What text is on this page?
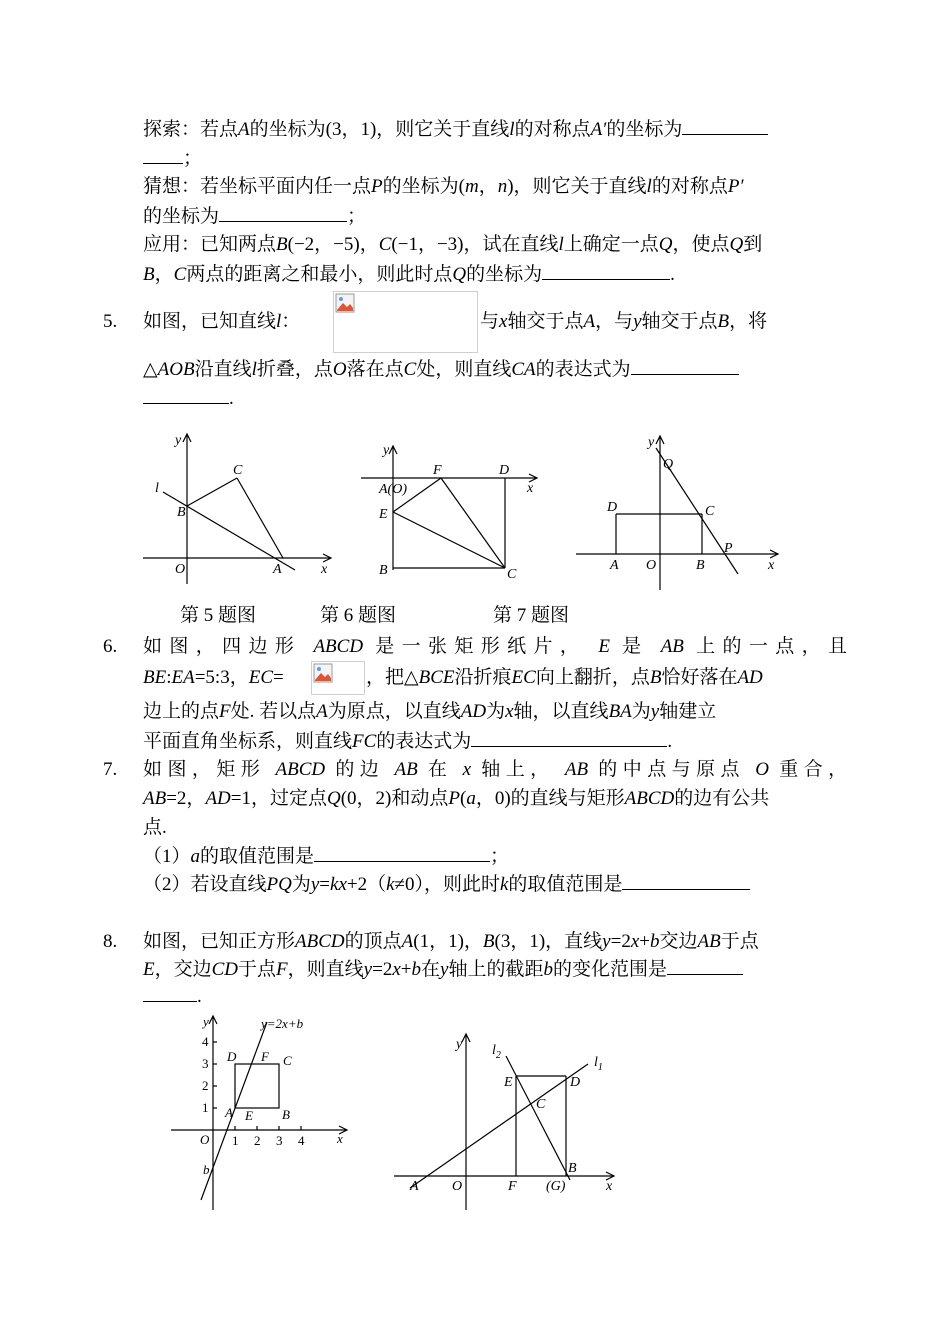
探索：若点A的坐标为(3，1)，则它关于直线l的对称点A′的坐标为
；
猜想：若坐标平面内任一点P的坐标为(m，n)，则它关于直线l的对称点P′
的坐标为	；
应用：已知两点B(−2，−5)，C(−1，−3)，试在直线l上确定一点Q，使点Q到
B，C两点的距离之和最小，则此时点Q的坐标为	.
5. 如图，已知直线l：	与x轴交于点A，与y轴交于点B，将
△AOB沿直线l折叠，点O落在点C处，则直线CA的表达式为
.
y
x
O	A
B
C
l
y
x
F	D
A(O)
E
B	C
y
x
Q
D	C
P
A O	B
第 5 题图	第 6 题图	第 7 题图
6. 如图，四边形 ABCD 是一张矩形纸片， E 是 AB 上的一点，且
BE:EA=5:3，EC=	，把△BCE沿折痕EC向上翻折，点B恰好落在AD
边上的点F处. 若以点A为原点，以直线AD为x轴，以直线BA为y轴建立
平面直角坐标系，则直线FC的表达式为	.
7. 如图，矩形 ABCD 的边 AB 在 x 轴上， AB 的中点与原点 O 重合，
AB=2，AD=1，过定点Q(0，2)和动点P(a，0)的直线与矩形ABCD的边有公共
点.
（1）a的取值范围是	；
（2）若设直线PQ为y=kx+2（k≠0），则此时k的取值范围是
8. 如图，已知正方形ABCD的顶点A(1，1)，B(3，1)，直线y=2x+b交边AB于点
E，交边CD于点F，则直线y=2x+b在y轴上的截距b的变化范围是
.
y
x
y=2x+b
4
3
2
1
O 1 2 3 4
D F C
A E B
b
y
x
$l_2$	$l_1$
E	D
C
A O	F (G)
B
